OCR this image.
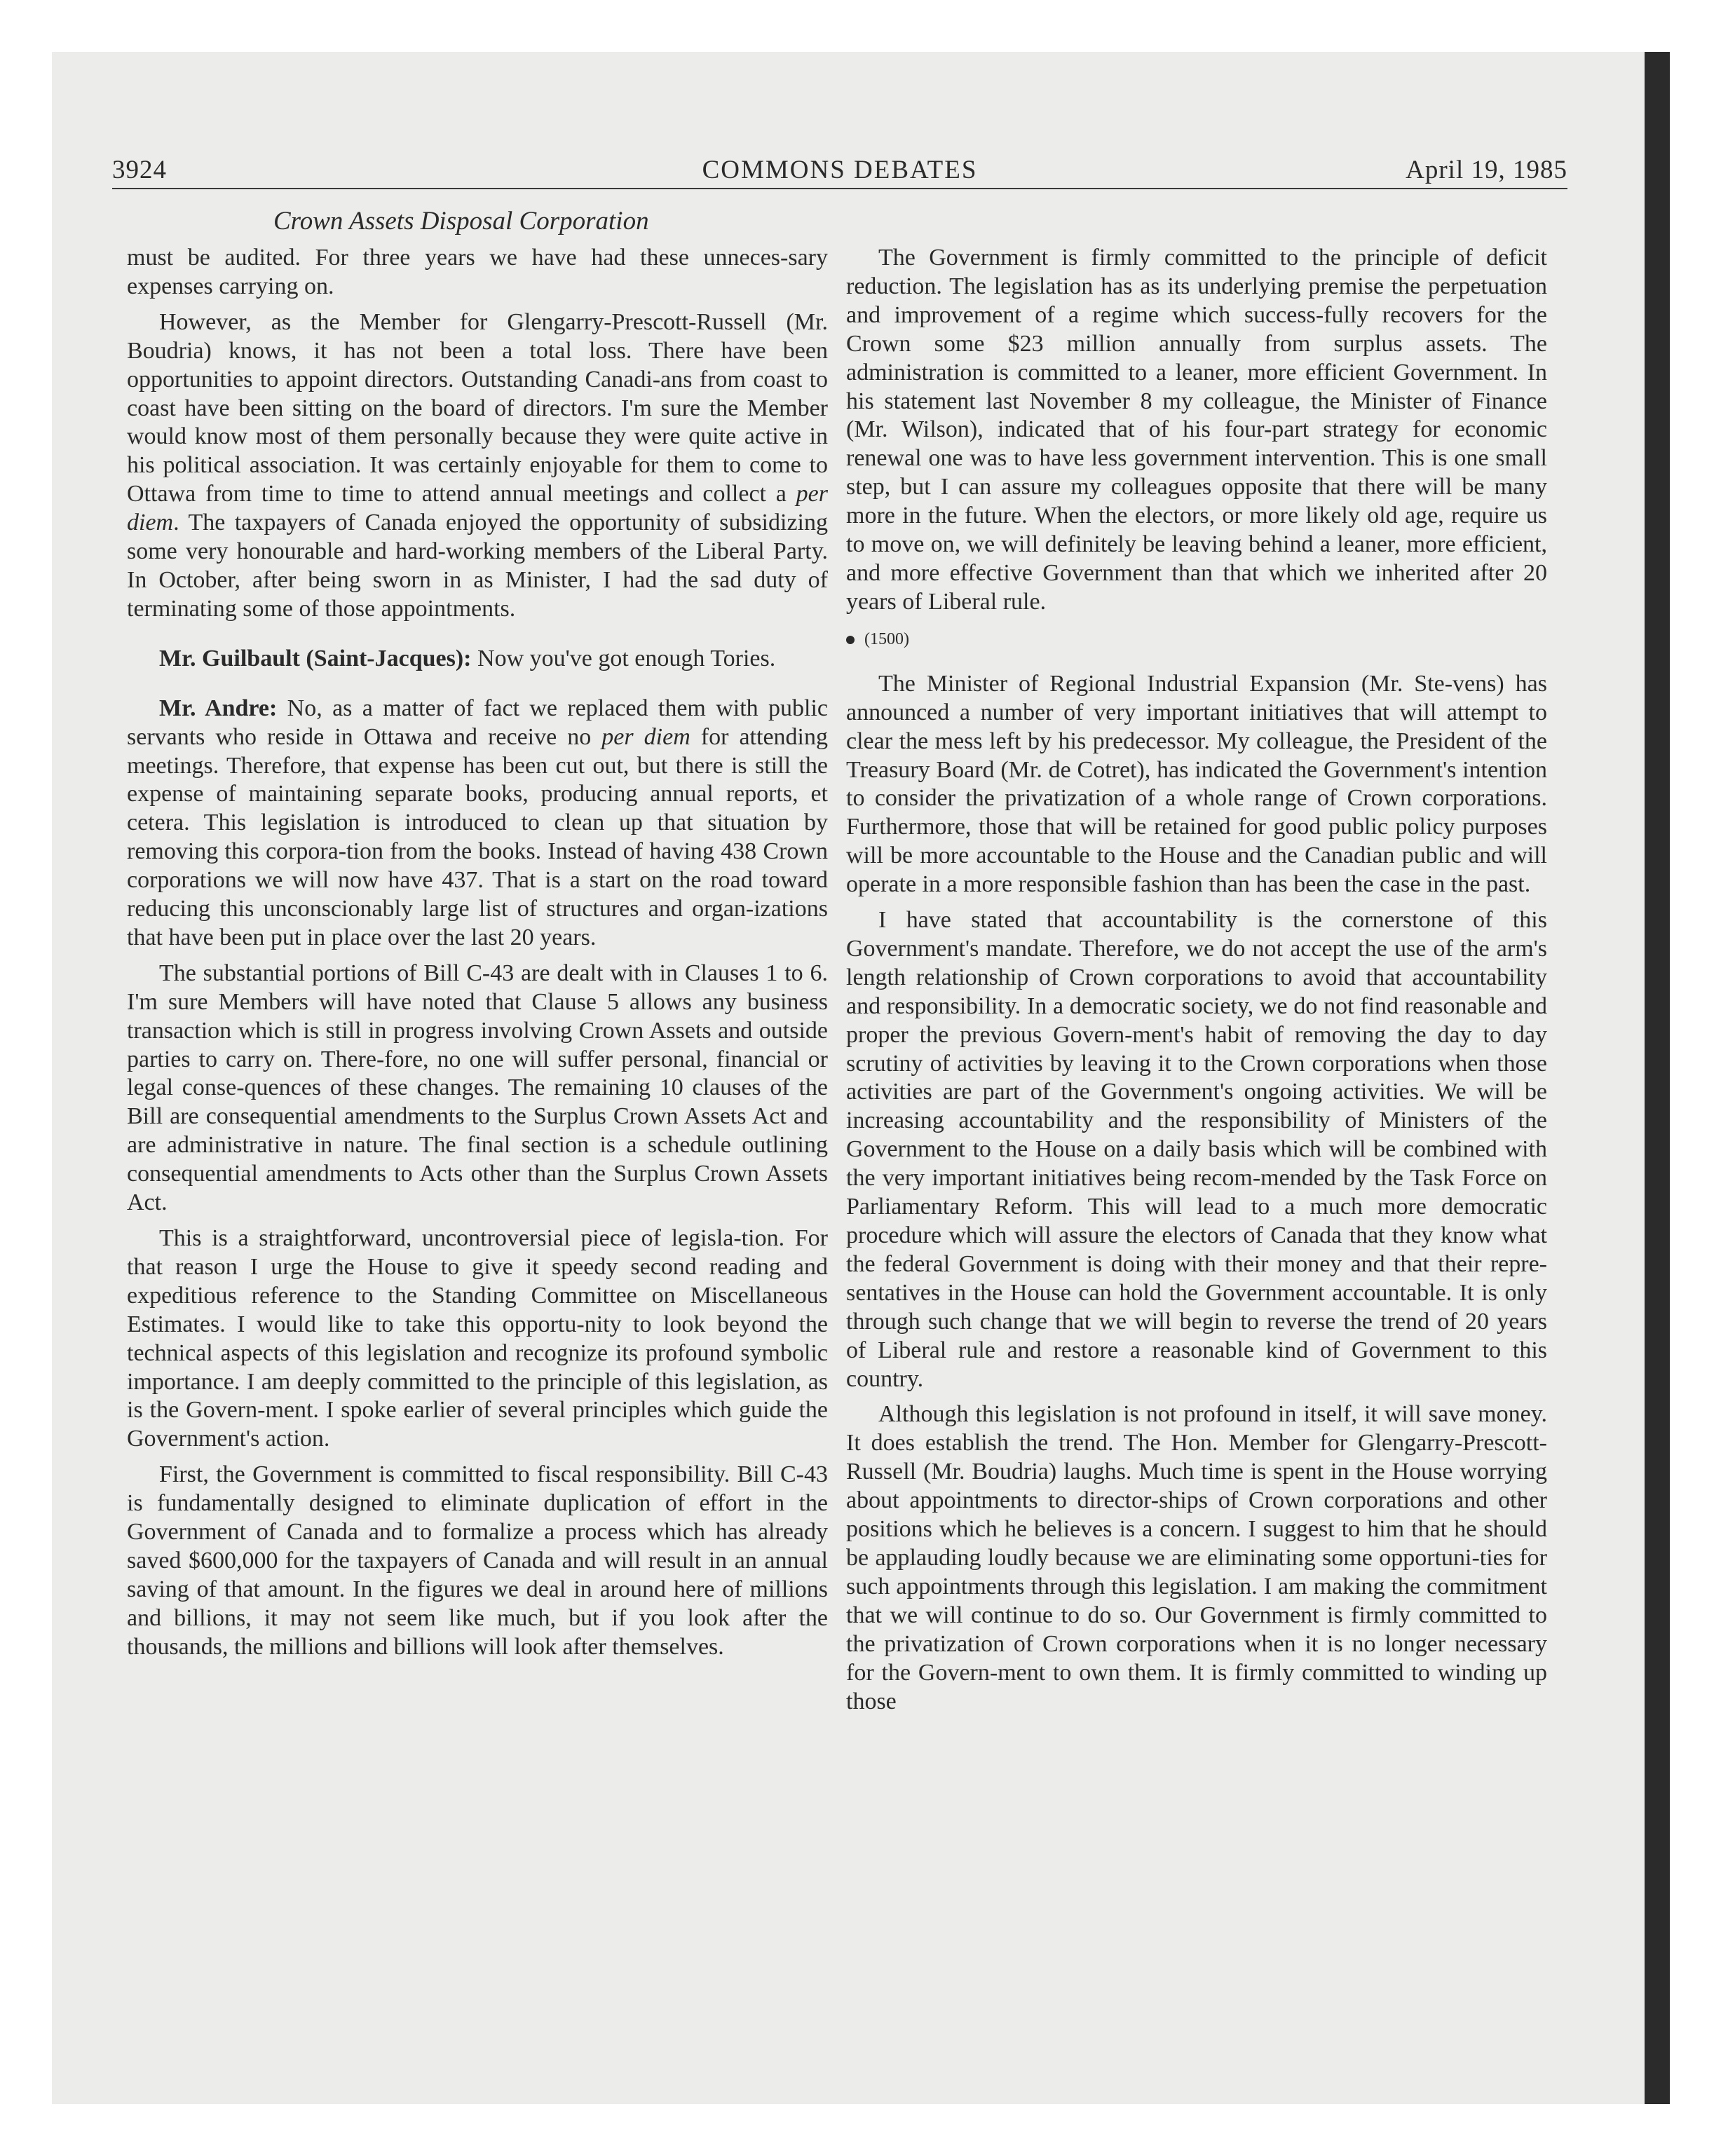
3924	COMMONS DEBATES	April 19, 1985
Crown Assets Disposal Corporation

must be audited. For three years we have had these unneces-sary expenses carrying on.

However, as the Member for Glengarry-Prescott-Russell (Mr. Boudria) knows, it has not been a total loss. There have been opportunities to appoint directors. Outstanding Canadi-ans from coast to coast have been sitting on the board of directors. I'm sure the Member would know most of them personally because they were quite active in his political association. It was certainly enjoyable for them to come to Ottawa from time to time to attend annual meetings and collect a per diem. The taxpayers of Canada enjoyed the opportunity of subsidizing some very honourable and hard-working members of the Liberal Party. In October, after being sworn in as Minister, I had the sad duty of terminating some of those appointments.

Mr. Guilbault (Saint-Jacques): Now you've got enough Tories.

Mr. Andre: No, as a matter of fact we replaced them with public servants who reside in Ottawa and receive no per diem for attending meetings. Therefore, that expense has been cut out, but there is still the expense of maintaining separate books, producing annual reports, et cetera. This legislation is introduced to clean up that situation by removing this corpora-tion from the books. Instead of having 438 Crown corporations we will now have 437. That is a start on the road toward reducing this unconscionably large list of structures and organ-izations that have been put in place over the last 20 years.

The substantial portions of Bill C-43 are dealt with in Clauses 1 to 6. I'm sure Members will have noted that Clause 5 allows any business transaction which is still in progress involving Crown Assets and outside parties to carry on. There-fore, no one will suffer personal, financial or legal conse-quences of these changes. The remaining 10 clauses of the Bill are consequential amendments to the Surplus Crown Assets Act and are administrative in nature. The final section is a schedule outlining consequential amendments to Acts other than the Surplus Crown Assets Act.

This is a straightforward, uncontroversial piece of legisla-tion. For that reason I urge the House to give it speedy second reading and expeditious reference to the Standing Committee on Miscellaneous Estimates. I would like to take this opportu-nity to look beyond the technical aspects of this legislation and recognize its profound symbolic importance. I am deeply committed to the principle of this legislation, as is the Govern-ment. I spoke earlier of several principles which guide the Government's action.

First, the Government is committed to fiscal responsibility. Bill C-43 is fundamentally designed to eliminate duplication of effort in the Government of Canada and to formalize a process which has already saved $600,000 for the taxpayers of Canada and will result in an annual saving of that amount. In the figures we deal in around here of millions and billions, it may not seem like much, but if you look after the thousands, the millions and billions will look after themselves.

The Government is firmly committed to the principle of deficit reduction. The legislation has as its underlying premise the perpetuation and improvement of a regime which success-fully recovers for the Crown some $23 million annually from surplus assets. The administration is committed to a leaner, more efficient Government. In his statement last November 8 my colleague, the Minister of Finance (Mr. Wilson), indicated that of his four-part strategy for economic renewal one was to have less government intervention. This is one small step, but I can assure my colleagues opposite that there will be many more in the future. When the electors, or more likely old age, require us to move on, we will definitely be leaving behind a leaner, more efficient, and more effective Government than that which we inherited after 20 years of Liberal rule.

(1500)

The Minister of Regional Industrial Expansion (Mr. Ste-vens) has announced a number of very important initiatives that will attempt to clear the mess left by his predecessor. My colleague, the President of the Treasury Board (Mr. de Cotret), has indicated the Government's intention to consider the privatization of a whole range of Crown corporations. Furthermore, those that will be retained for good public policy purposes will be more accountable to the House and the Canadian public and will operate in a more responsible fashion than has been the case in the past.

I have stated that accountability is the cornerstone of this Government's mandate. Therefore, we do not accept the use of the arm's length relationship of Crown corporations to avoid that accountability and responsibility. In a democratic society, we do not find reasonable and proper the previous Govern-ment's habit of removing the day to day scrutiny of activities by leaving it to the Crown corporations when those activities are part of the Government's ongoing activities. We will be increasing accountability and the responsibility of Ministers of the Government to the House on a daily basis which will be combined with the very important initiatives being recom-mended by the Task Force on Parliamentary Reform. This will lead to a much more democratic procedure which will assure the electors of Canada that they know what the federal Government is doing with their money and that their repre-sentatives in the House can hold the Government accountable. It is only through such change that we will begin to reverse the trend of 20 years of Liberal rule and restore a reasonable kind of Government to this country.

Although this legislation is not profound in itself, it will save money. It does establish the trend. The Hon. Member for Glengarry-Prescott-Russell (Mr. Boudria) laughs. Much time is spent in the House worrying about appointments to director-ships of Crown corporations and other positions which he believes is a concern. I suggest to him that he should be applauding loudly because we are eliminating some opportuni-ties for such appointments through this legislation. I am making the commitment that we will continue to do so. Our Government is firmly committed to the privatization of Crown corporations when it is no longer necessary for the Govern-ment to own them. It is firmly committed to winding up those
